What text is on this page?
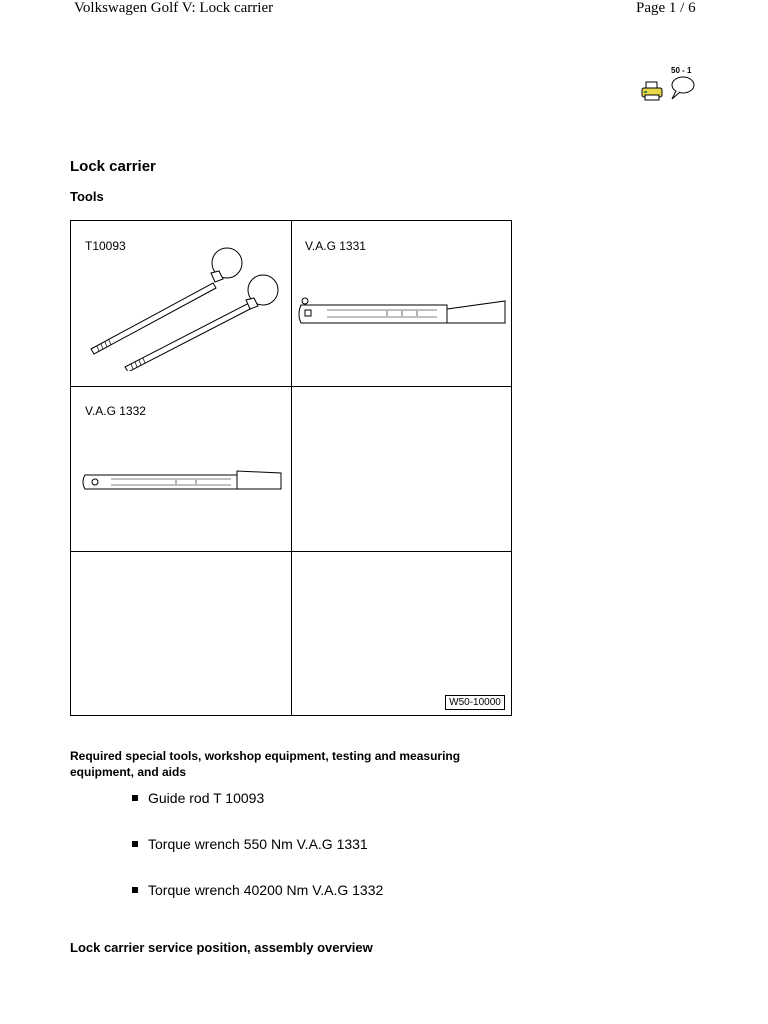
Volkswagen Golf V: Lock carrier	Page 1 / 6
50 - 1
Lock carrier
Tools
T10093	V.A.G 1331
V.A.G 1332
W50-10000
Required special tools, workshop equipment, testing and measuring equipment, and aids
Guide rod T 10093
Torque wrench 550 Nm V.A.G 1331
Torque wrench 40200 Nm V.A.G 1332
Lock carrier service position, assembly overview
